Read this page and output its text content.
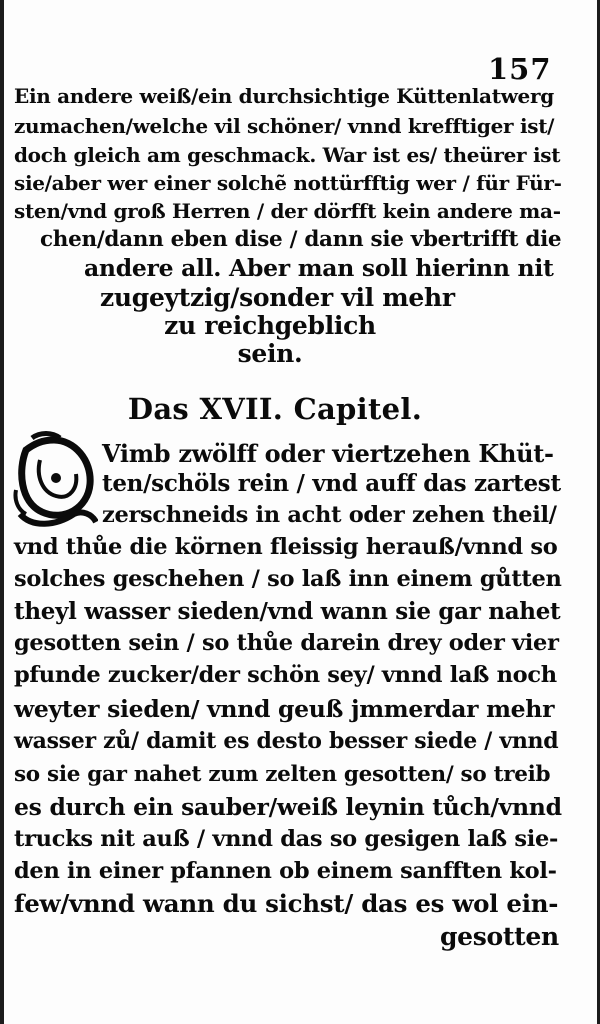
157
Ein andere weiß/ein durchsichtige Küttenlatwerg
zumachen/welche vil schöner/ vnnd krefftiger ist/
doch gleich am geschmack. War ist es/ theürer ist
sie/aber wer einer solchẽ nottürfftig wer / für Für-
sten/vnd groß Herren / der dörfft kein andere ma-
chen/dann eben dise / dann sie vbertrifft die
andere all. Aber man soll hierinn nit
zugeytzig/sonder vil mehr
zu reichgeblich
sein.
Das XVII. Capitel.
Vimb zwölff oder viertzehen Khüt-
ten/schöls rein / vnd auff das zartest
zerschneids in acht oder zehen theil/
vnd thůe die körnen fleissig herauß/vnnd so
solches geschehen / so laß inn einem gůtten
theyl wasser sieden/vnd wann sie gar nahet
gesotten sein / so thůe darein drey oder vier
pfunde zucker/der schön sey/ vnnd laß noch
weyter sieden/ vnnd geuß jmmerdar mehr
wasser zů/ damit es desto besser siede / vnnd
so sie gar nahet zum zelten gesotten/ so treib
es durch ein sauber/weiß leynin tůch/vnnd
trucks nit auß / vnnd das so gesigen laß sie-
den in einer pfannen ob einem sanfften kol-
few/vnnd wann du sichst/ das es wol ein-
gesotten
